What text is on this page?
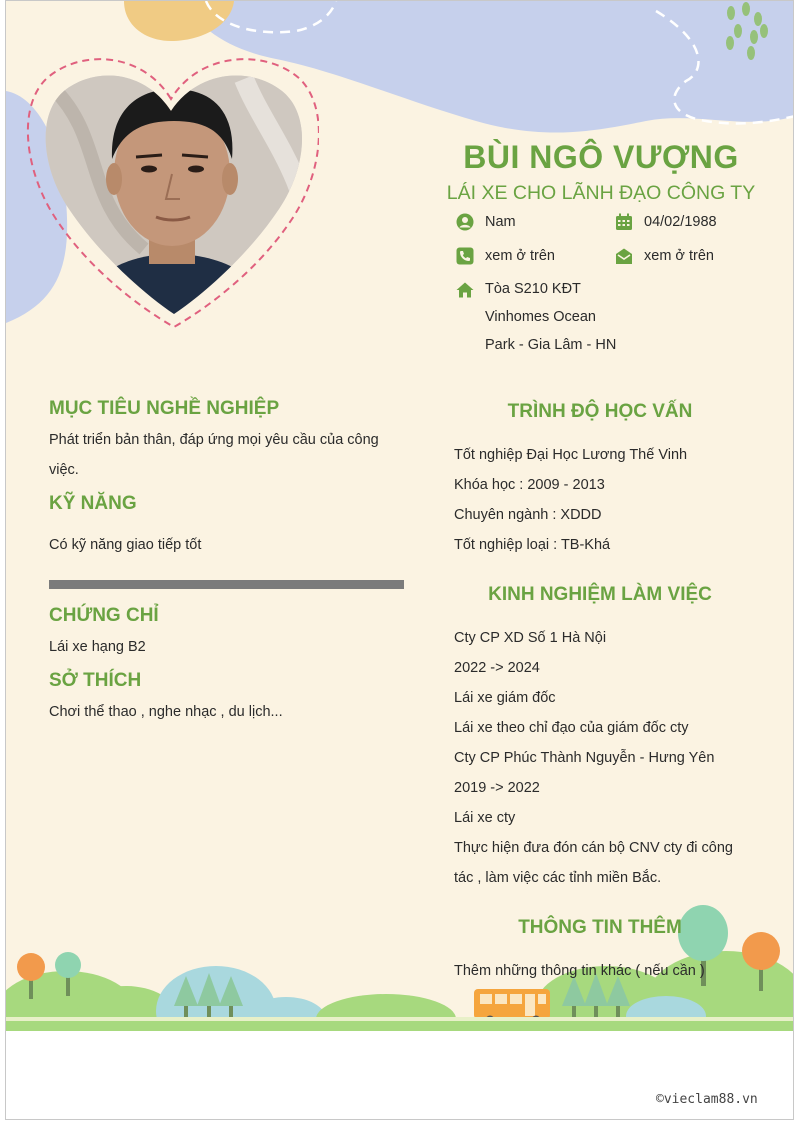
BÙI NGÔ VƯỢNG
LÁI XE CHO LÃNH ĐẠO CÔNG TY
Nam	04/02/1988
xem ở trên	xem ở trên
Tòa S210 KĐT
Vinhomes Ocean
Park - Gia Lâm - HN
MỤC TIÊU NGHỀ NGHIỆP
Phát triển bản thân, đáp ứng mọi yêu cầu của công
việc.
KỸ NĂNG
Có kỹ năng giao tiếp tốt
CHỨNG CHỈ
Lái xe hạng B2
SỞ THÍCH
Chơi thể thao , nghe nhạc , du lịch...
TRÌNH ĐỘ HỌC VẤN
Tốt nghiệp Đại Học Lương Thế Vinh
Khóa học : 2009 - 2013
Chuyên ngành : XDDD
Tốt nghiệp loại : TB-Khá
KINH NGHIỆM LÀM VIỆC
Cty CP XD Số 1 Hà Nội
2022 -> 2024
Lái xe giám đốc
Lái xe theo chỉ đạo của giám đốc cty
Cty CP Phúc Thành Nguyễn - Hưng Yên
2019 -> 2022
Lái xe cty
Thực hiện đưa đón cán bộ CNV cty đi công
tác , làm việc các tỉnh miền Bắc.
THÔNG TIN THÊM
Thêm những thông tin khác ( nếu cần )
©vieclam88.vn
